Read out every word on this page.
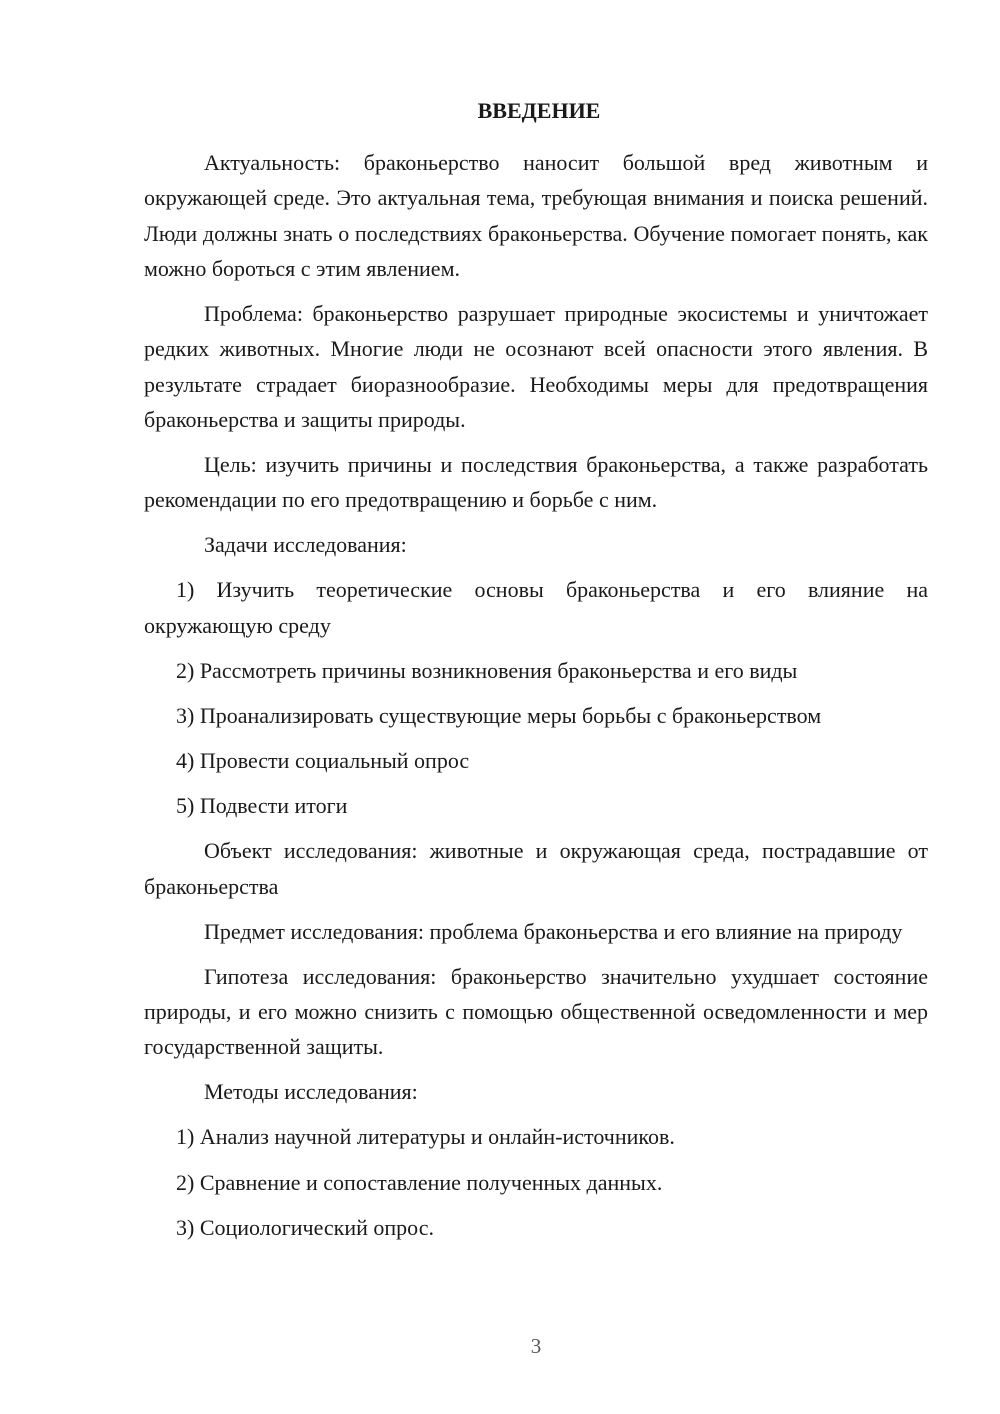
ВВЕДЕНИЕ

Актуальность: браконьерство наносит большой вред животным и окружающей среде. Это актуальная тема, требующая внимания и поиска решений. Люди должны знать о последствиях браконьерства. Обучение помогает понять, как можно бороться с этим явлением.

Проблема: браконьерство разрушает природные экосистемы и уничтожает редких животных. Многие люди не осознают всей опасности этого явления. В результате страдает биоразнообразие. Необходимы меры для предотвращения браконьерства и защиты природы.

Цель: изучить причины и последствия браконьерства, а также разработать рекомендации по его предотвращению и борьбе с ним.

Задачи исследования:

1) Изучить теоретические основы браконьерства и его влияние на окружающую среду

2) Рассмотреть причины возникновения браконьерства и его виды

3) Проанализировать существующие меры борьбы с браконьерством

4) Провести социальный опрос

5) Подвести итоги

Объект исследования: животные и окружающая среда, пострадавшие от браконьерства

Предмет исследования: проблема браконьерства и его влияние на природу

Гипотеза исследования: браконьерство значительно ухудшает состояние природы, и его можно снизить с помощью общественной осведомленности и мер государственной защиты.

Методы исследования:

1) Анализ научной литературы и онлайн-источников.

2) Сравнение и сопоставление полученных данных.

3) Социологический опрос.

3
